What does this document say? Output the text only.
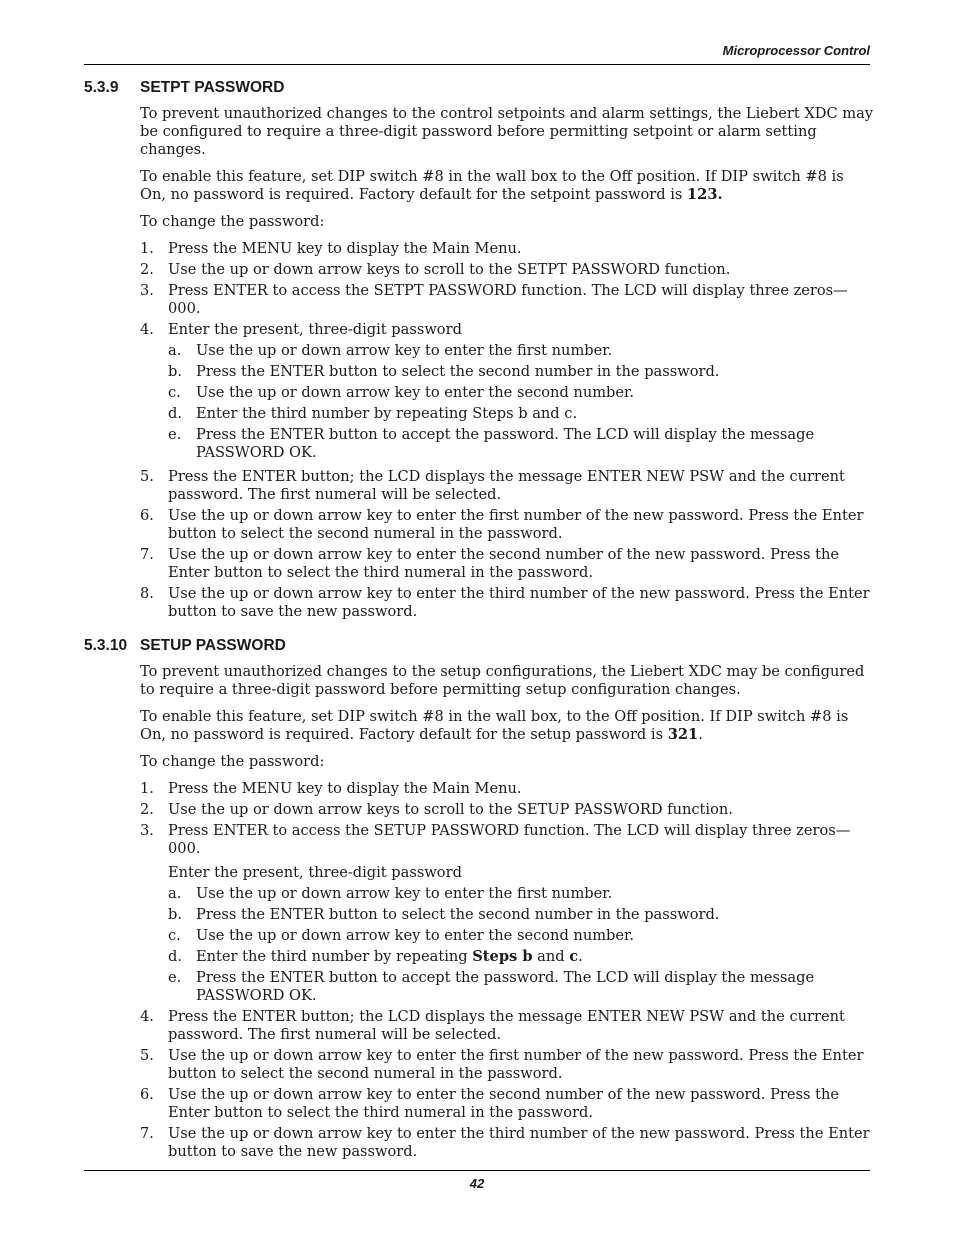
Microprocessor Control
5.3.9	SETPT PASSWORD

To prevent unauthorized changes to the control setpoints and alarm settings, the Liebert XDC may be configured to require a three-digit password before permitting setpoint or alarm setting changes.

To enable this feature, set DIP switch #8 in the wall box to the Off position. If DIP switch #8 is On, no password is required. Factory default for the setpoint password is 123.

To change the password:

1. Press the MENU key to display the Main Menu.
2. Use the up or down arrow keys to scroll to the SETPT PASSWORD function.
3. Press ENTER to access the SETPT PASSWORD function. The LCD will display three zeros—000.
4. Enter the present, three-digit password
a.	Use the up or down arrow key to enter the first number.
b. Press the ENTER button to select the second number in the password.
c.	Use the up or down arrow key to enter the second number.
d. Enter the third number by repeating Steps b and c.
e.	Press the ENTER button to accept the password. The LCD will display the message PASSWORD OK.
5. Press the ENTER button; the LCD displays the message ENTER NEW PSW and the current password. The first numeral will be selected.
6. Use the up or down arrow key to enter the first number of the new password. Press the Enter button to select the second numeral in the password.
7. Use the up or down arrow key to enter the second number of the new password. Press the Enter button to select the third numeral in the password.
8. Use the up or down arrow key to enter the third number of the new password. Press the Enter button to save the new password.
5.3.10 SETUP PASSWORD

To prevent unauthorized changes to the setup configurations, the Liebert XDC may be configured to require a three-digit password before permitting setup configuration changes.

To enable this feature, set DIP switch #8 in the wall box, to the Off position. If DIP switch #8 is On, no password is required. Factory default for the setup password is 321.

To change the password:

1. Press the MENU key to display the Main Menu.
2. Use the up or down arrow keys to scroll to the SETUP PASSWORD function.
3. Press ENTER to access the SETUP PASSWORD function. The LCD will display three zeros—000.
Enter the present, three-digit password
a.	Use the up or down arrow key to enter the first number.
b. Press the ENTER button to select the second number in the password.
c.	Use the up or down arrow key to enter the second number.
d. Enter the third number by repeating Steps b and c.
e.	Press the ENTER button to accept the password. The LCD will display the message PASSWORD OK.
4. Press the ENTER button; the LCD displays the message ENTER NEW PSW and the current password. The first numeral will be selected.
5. Use the up or down arrow key to enter the first number of the new password. Press the Enter button to select the second numeral in the password.
6. Use the up or down arrow key to enter the second number of the new password. Press the Enter button to select the third numeral in the password.
7. Use the up or down arrow key to enter the third number of the new password. Press the Enter button to save the new password.
42
